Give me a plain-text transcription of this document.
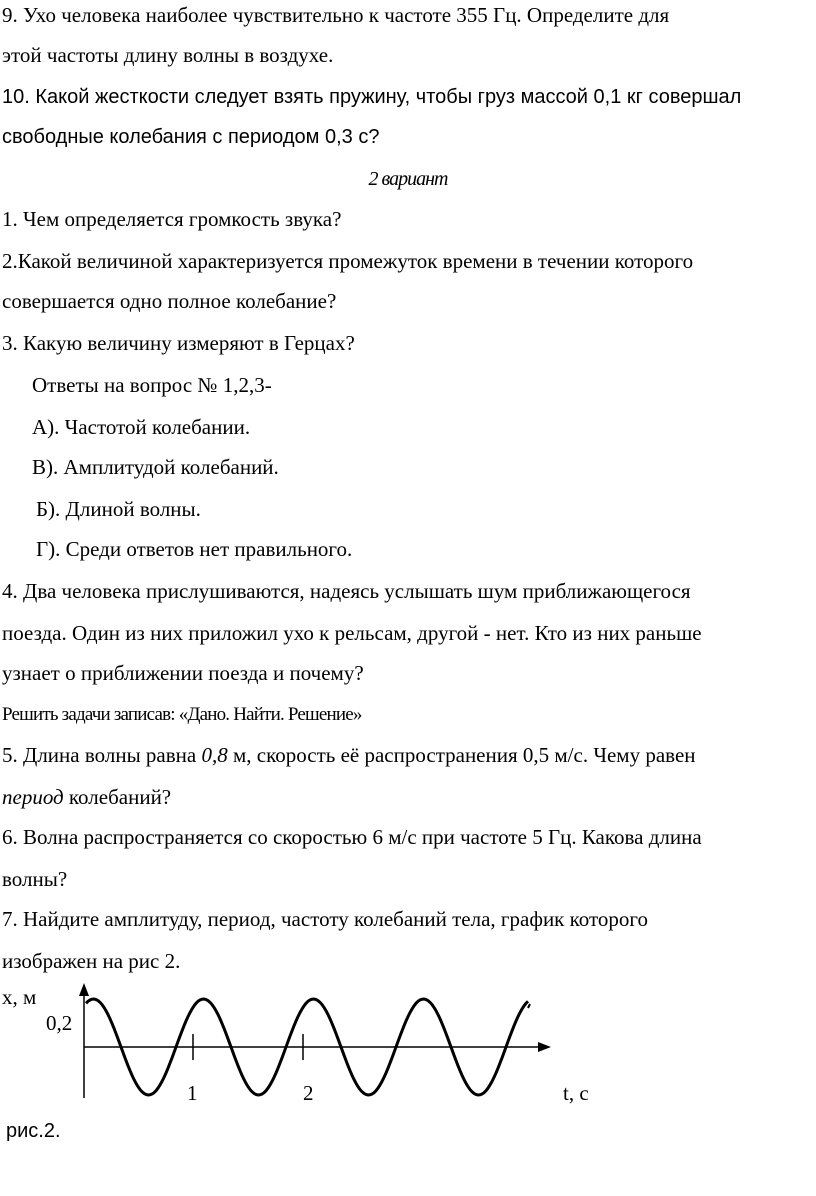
9. Ухо человека наиболее чувствительно к частоте 355 Гц. Определите для
этой частоты длину волны в воздухе.
10. Какой жесткости следует взять пружину, чтобы груз массой 0,1 кг совершал
свободные колебания с периодом 0,3 с?
2 вариант
1. Чем определяется громкость звука?
2.Какой величиной характеризуется промежуток времени в течении которого
совершается одно полное колебание?
3. Какую величину измеряют в Герцах?
Ответы на вопрос № 1,2,3-
А). Частотой колебании.
В). Амплитудой колебаний.
Б). Длиной волны.
Г). Среди ответов нет правильного.
4. Два человека прислушиваются, надеясь услышать шум приближающегося
поезда. Один из них приложил ухо к рельсам, другой - нет. Кто из них раньше
узнает о приближении поезда и почему?
Решить задачи записав: «Дано. Найти. Решение»
5. Длина волны равна 0,8 м, скорость её распространения 0,5 м/с. Чему равен
период колебаний?
6. Волна распространяется со скоростью 6 м/с при частоте 5 Гц. Какова длина
волны?
7. Найдите амплитуду, период, частоту колебаний тела, график которого
изображен на рис 2.
x, м
0,2
1	2	t, с
рис.2.
